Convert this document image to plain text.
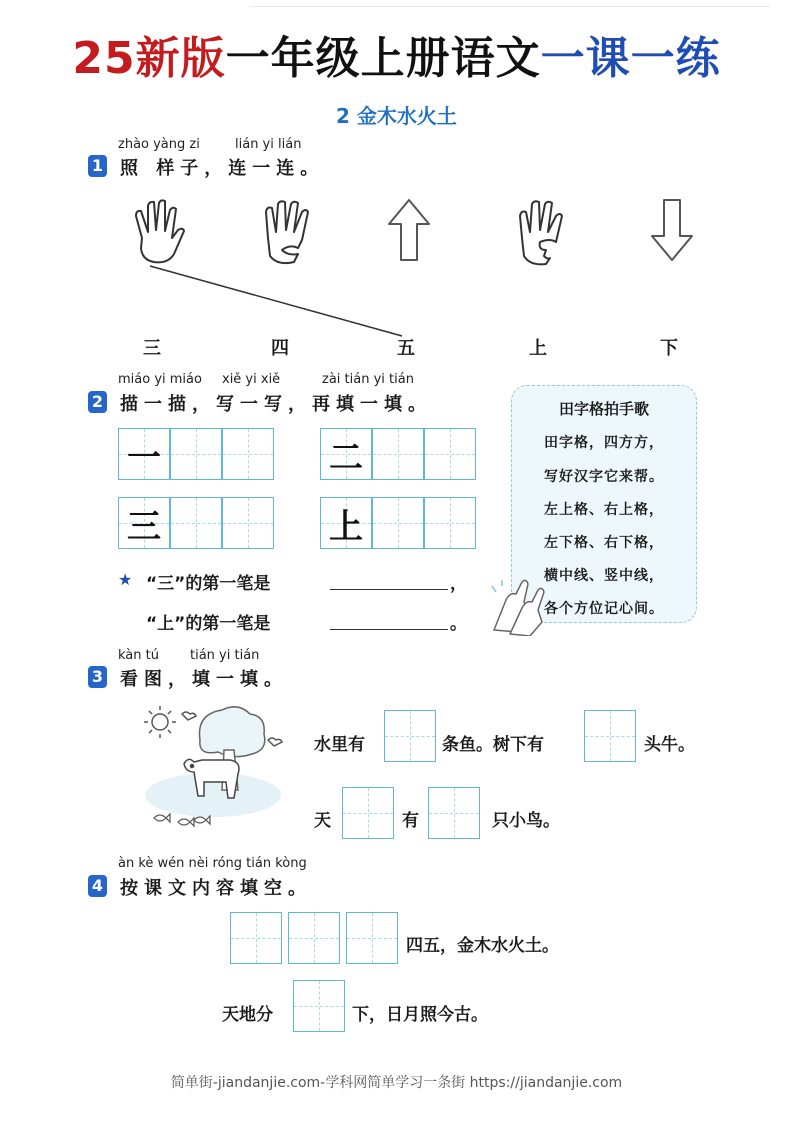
25新版一年级上册语文一课一练
2 金木水火土
zhào yàng zi	lián yi lián
1 照 样子，连一连。
三	四	五	上	下
miáo yi miáo xiě yi xiě	zài tián yi tián
2 描一描，写一写，再填一填。
一	二
三	上
★ “三”的第一笔是	，
“上”的第一笔是	。
田字格拍手歌
田字格，四方方，
写好汉字它来帮。
左上格、右上格，
左下格、右下格，
横中线、竖中线，
各个方位记心间。
kàn tú tián yi tián
3 看图，填一填。
水里有	条鱼。树下有	头牛。
天	有	只小鸟。
àn kè wén nèi róng tián kòng
4 按课文内容填空。
四五，金木水火土。
天地分	下，日月照今古。
简单街-jiandanjie.com-学科网简单学习一条街 https://jiandanjie.com
